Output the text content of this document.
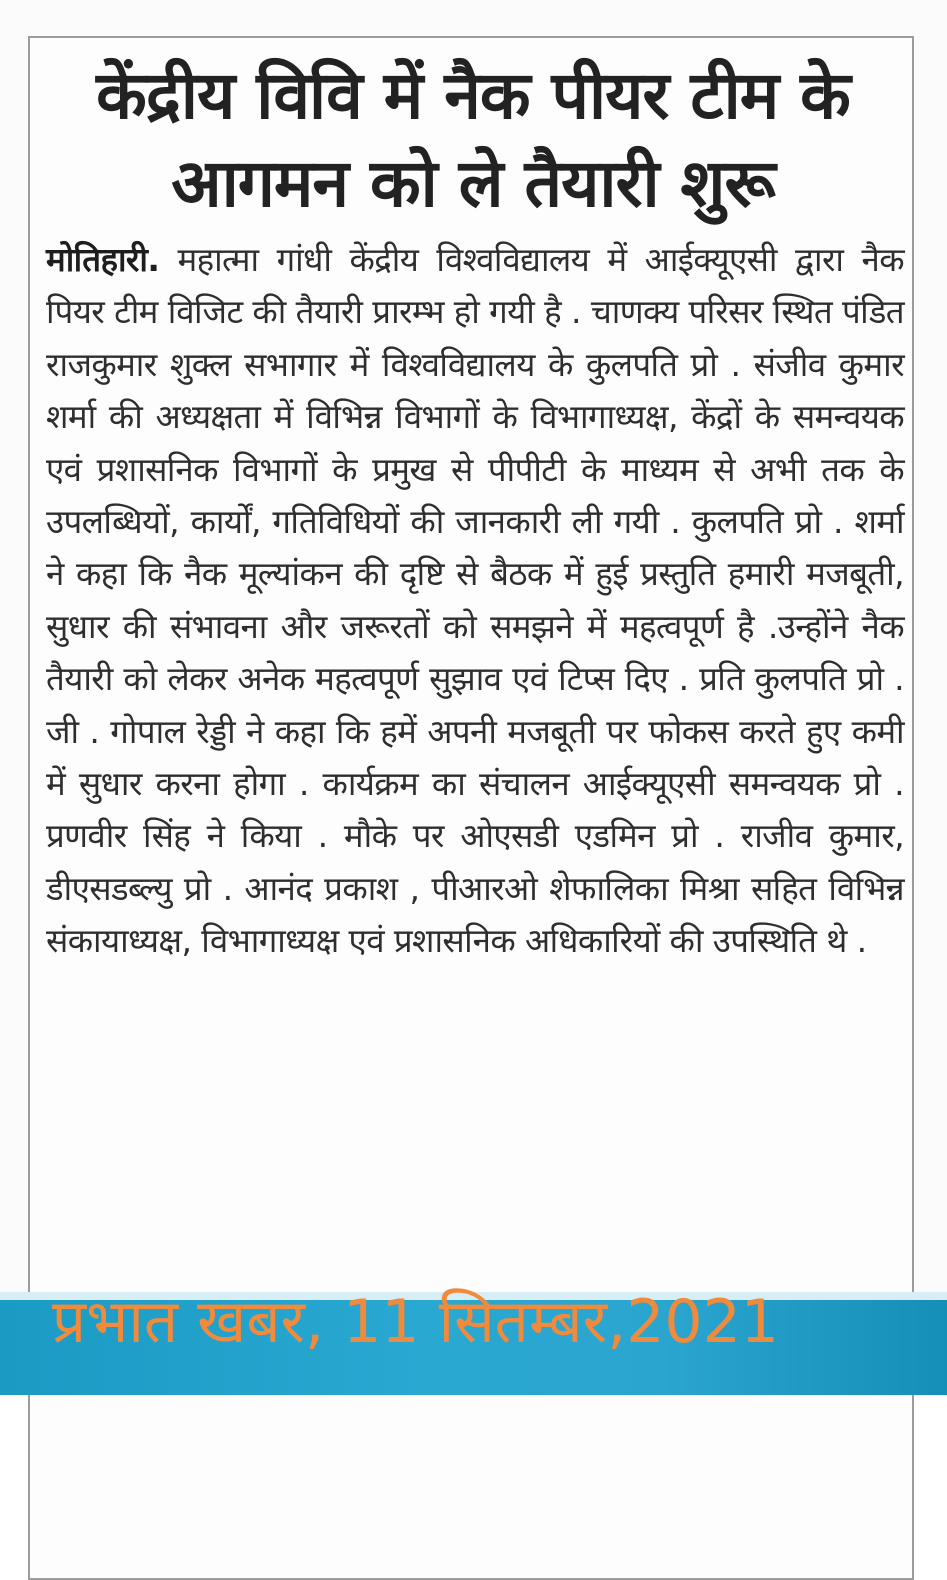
केंद्रीय विवि में नैक पीयर टीम के आगमन को ले तैयारी शुरू

मोतिहारी. महात्मा गांधी केंद्रीय विश्वविद्यालय में आईक्यूएसी द्वारा नैक पियर टीम विजिट की तैयारी प्रारम्भ हो गयी है . चाणक्य परिसर स्थित पंडित राजकुमार शुक्ल सभागार में विश्वविद्यालय के कुलपति प्रो . संजीव कुमार शर्मा की अध्यक्षता में विभिन्न विभागों के विभागाध्यक्ष, केंद्रों के समन्वयक एवं प्रशासनिक विभागों के प्रमुख से पीपीटी के माध्यम से अभी तक के उपलब्धियों, कार्यों, गतिविधियों की जानकारी ली गयी . कुलपति प्रो . शर्मा ने कहा कि नैक मूल्यांकन की दृष्टि से बैठक में हुई प्रस्तुति हमारी मजबूती, सुधार की संभावना और जरूरतों को समझने में महत्वपूर्ण है .उन्होंने नैक तैयारी को लेकर अनेक महत्वपूर्ण सुझाव एवं टिप्स दिए . प्रति कुलपति प्रो . जी . गोपाल रेड्डी ने कहा कि हमें अपनी मजबूती पर फोकस करते हुए कमी में सुधार करना होगा . कार्यक्रम का संचालन आईक्यूएसी समन्वयक प्रो . प्रणवीर सिंह ने किया . मौके पर ओएसडी एडमिन प्रो . राजीव कुमार, डीएसडब्ल्यु प्रो . आनंद प्रकाश , पीआरओ शेफालिका मिश्रा सहित विभिन्न संकायाध्यक्ष, विभागाध्यक्ष एवं प्रशासनिक अधिकारियों की उपस्थिति थे .

प्रभात खबर, 11 सितम्बर,2021
